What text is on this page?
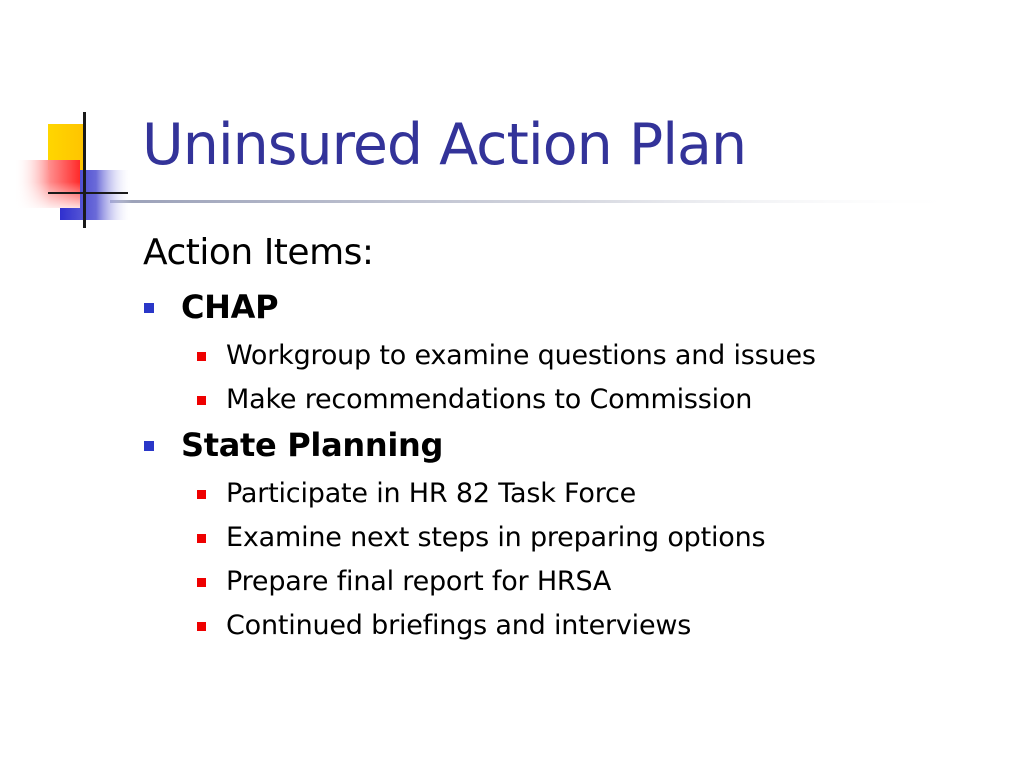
Uninsured Action Plan
Action Items:
CHAP
Workgroup to examine questions and issues
Make recommendations to Commission
State Planning
Participate in HR 82 Task Force
Examine next steps in preparing options
Prepare final report for HRSA
Continued briefings and interviews
